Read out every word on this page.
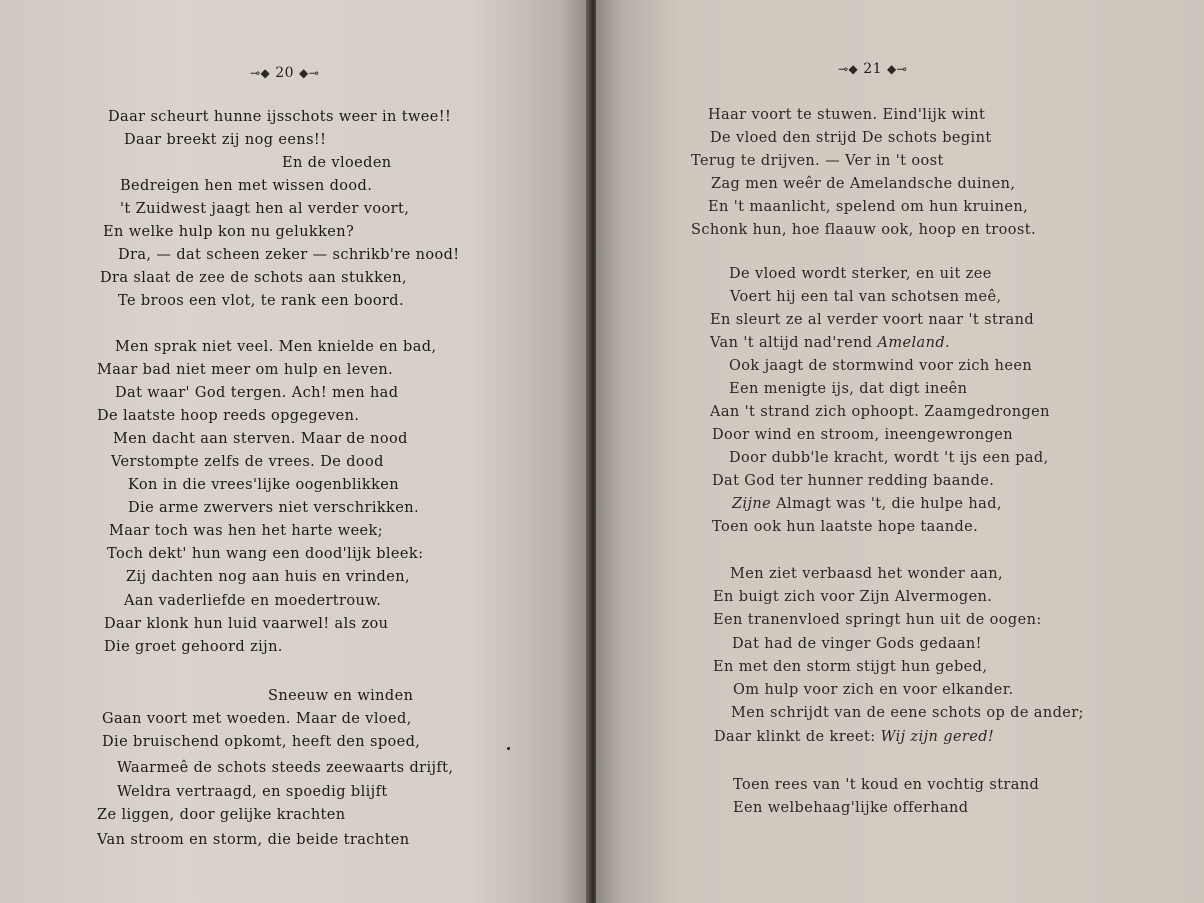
⊸◆ 20 ◆⊸
Daar scheurt hunne ijsschots weer in twee!!
Daar breekt zij nog eens!!
En de vloeden
Bedreigen hen met wissen dood.
't Zuidwest jaagt hen al verder voort,
En welke hulp kon nu gelukken?
Dra, — dat scheen zeker — schrikb're nood!
Dra slaat de zee de schots aan stukken,
Te broos een vlot, te rank een boord.
Men sprak niet veel. Men knielde en bad,
Maar bad niet meer om hulp en leven.
Dat waar' God tergen. Ach! men had
De laatste hoop reeds opgegeven.
Men dacht aan sterven. Maar de nood
Verstompte zelfs de vrees. De dood
Kon in die vrees'lijke oogenblikken
Die arme zwervers niet verschrikken.
Maar toch was hen het harte week;
Toch dekt' hun wang een dood'lijk bleek:
Zij dachten nog aan huis en vrinden,
Aan vaderliefde en moedertrouw.
Daar klonk hun luid vaarwel! als zou
Die groet gehoord zijn.
Sneeuw en winden
Gaan voort met woeden. Maar de vloed,
Die bruischend opkomt, heeft den spoed,
Waarmeê de schots steeds zeewaarts drijft,
Weldra vertraagd, en spoedig blijft
Ze liggen, door gelijke krachten
Van stroom en storm, die beide trachten
⊸◆ 21 ◆⊸
Haar voort te stuwen. Eind'lijk wint
De vloed den strijd De schots begint
Terug te drijven. — Ver in 't oost
Zag men weêr de Amelandsche duinen,
En 't maanlicht, spelend om hun kruinen,
Schonk hun, hoe flaauw ook, hoop en troost.
De vloed wordt sterker, en uit zee
Voert hij een tal van schotsen meê,
En sleurt ze al verder voort naar 't strand
Van 't altijd nad'rend Ameland.
Ook jaagt de stormwind voor zich heen
Een menigte ijs, dat digt ineên
Aan 't strand zich ophoopt. Zaamgedrongen
Door wind en stroom, ineengewrongen
Door dubb'le kracht, wordt 't ijs een pad,
Dat God ter hunner redding baande.
Zijne Almagt was 't, die hulpe had,
Toen ook hun laatste hope taande.
Men ziet verbaasd het wonder aan,
En buigt zich voor Zijn Alvermogen.
Een tranenvloed springt hun uit de oogen:
Dat had de vinger Gods gedaan!
En met den storm stijgt hun gebed,
Om hulp voor zich en voor elkander.
Men schrijdt van de eene schots op de ander;
Daar klinkt de kreet: Wij zijn gered!
Toen rees van 't koud en vochtig strand
Een welbehaag'lijke offerhand
